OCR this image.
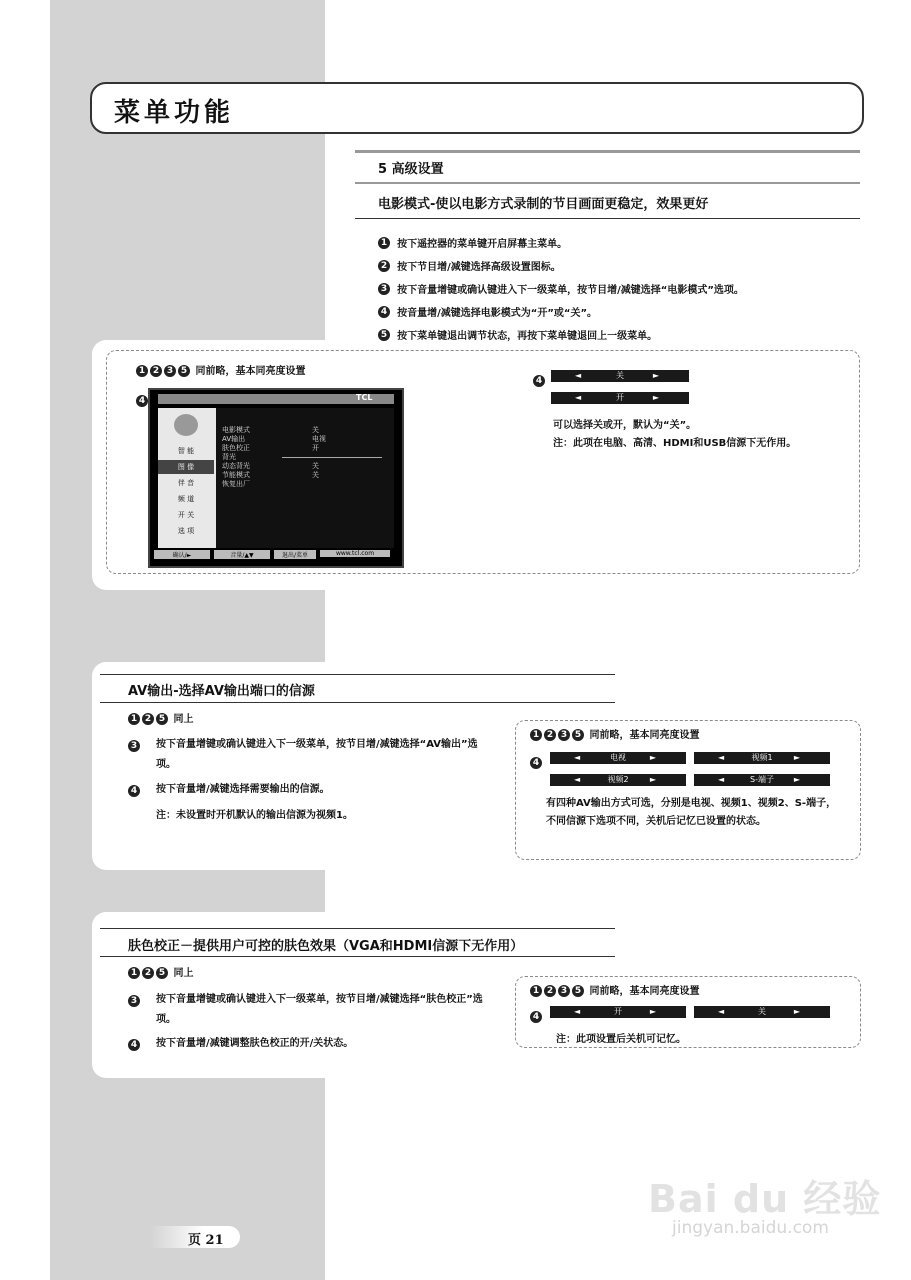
菜单功能
5 高级设置
电影模式-使以电影方式录制的节目画面更稳定，效果更好
1 按下遥控器的菜单键开启屏幕主菜单。
2 按下节目增/减键选择高级设置图标。
3 按下音量增键或确认键进入下一级菜单，按节目增/减键选择“电影模式”选项。
4 按音量增/减键选择电影模式为“开”或“关”。
5 按下菜单键退出调节状态，再按下菜单键退回上一级菜单。
1 2 3 5 同前略，基本同亮度设置
4	TCL
智 能
图 像
伴 音
频 道
开 关
选 项
电影模式	关
AV输出	电视
肤色校正	开
背光
动态背光	关
节能模式	关
恢复出厂
确认/►	音量/▲▼	退出/菜单	www.tcl.com
4	◄	关	►
◄	开	►
可以选择关或开，默认为“关”。
注：此项在电脑、高清、HDMI和USB信源下无作用。
AV输出-选择AV输出端口的信源
1 2 5 同上
3	按下音量增键或确认键进入下一级菜单，按节目增/减键选择“AV输出”选项。
4	按下音量增/减键选择需要输出的信源。
注：未设置时开机默认的输出信源为视频1。
1 2 3 5 同前略，基本同亮度设置
4	◄	电视	►	◄	视频1	►
◄	视频2	►	◄	S-端子	►
有四种AV输出方式可选，分别是电视、视频1、视频2、S-端子，不同信源下选项不同，关机后记忆已设置的状态。
肤色校正－提供用户可控的肤色效果（VGA和HDMI信源下无作用）
1 2 5 同上
3	按下音量增键或确认键进入下一级菜单，按节目增/减键选择“肤色校正”选项。
4	按下音量增/减键调整肤色校正的开/关状态。
1 2 3 5 同前略，基本同亮度设置
4	◄	开	►	◄	关	►
注：此项设置后关机可记忆。
页 21
Bai du 经验
jingyan.baidu.com
